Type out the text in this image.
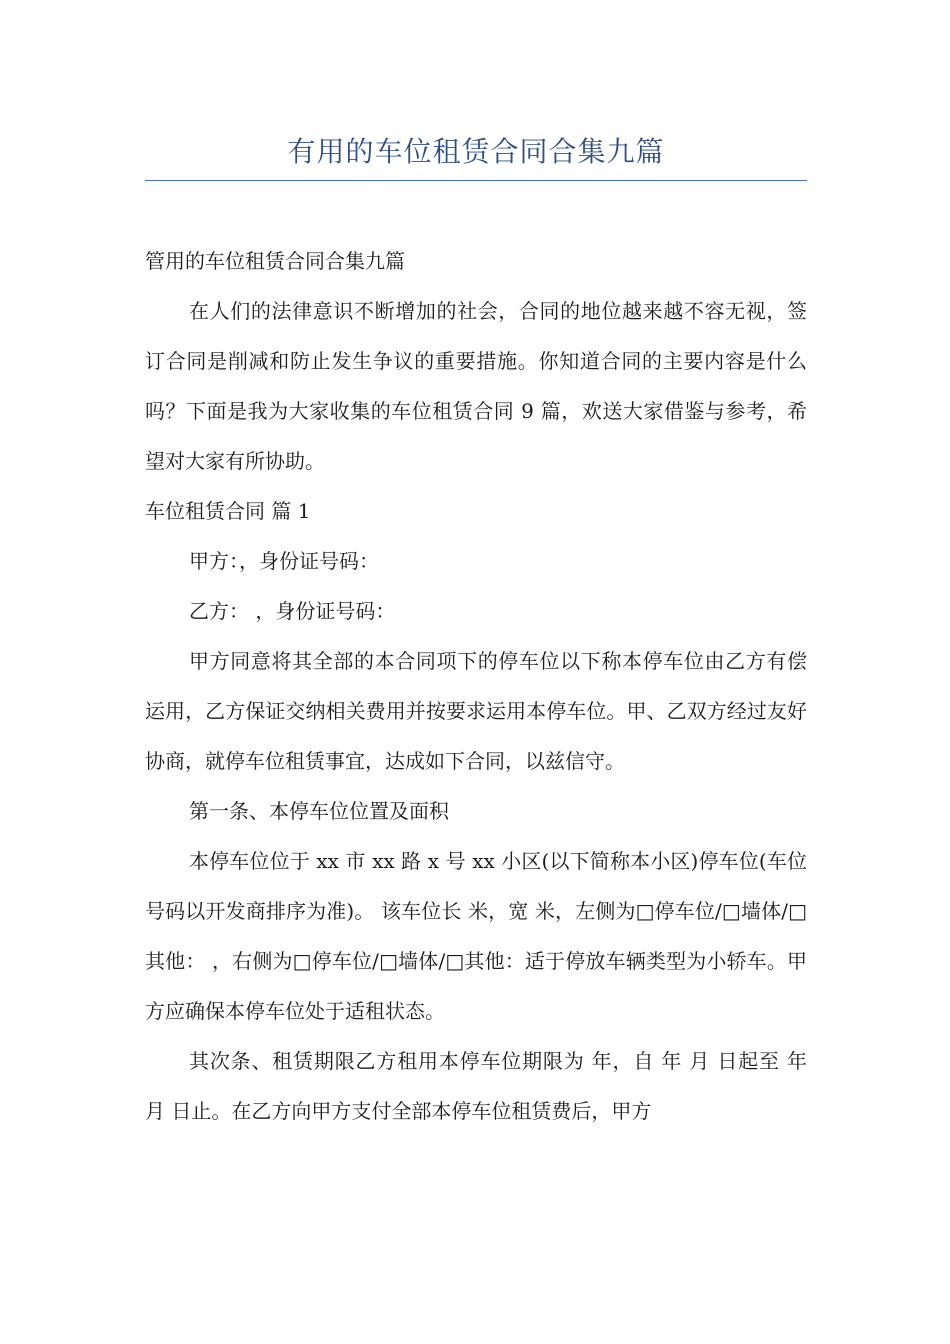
有用的车位租赁合同合集九篇

管用的车位租赁合同合集九篇

在人们的法律意识不断增加的社会，合同的地位越来越不容无视，签订合同是削减和防止发生争议的重要措施。你知道合同的主要内容是什么吗？下面是我为大家收集的车位租赁合同 9 篇，欢送大家借鉴与参考，希望对大家有所协助。

车位租赁合同 篇 1

甲方：，身份证号码：

乙方： ，身份证号码：

甲方同意将其全部的本合同项下的停车位以下称本停车位由乙方有偿运用，乙方保证交纳相关费用并按要求运用本停车位。甲、乙双方经过友好协商，就停车位租赁事宜，达成如下合同，以兹信守。

第一条、本停车位位置及面积

本停车位位于 xx 市 xx 路 x 号 xx 小区(以下简称本小区)停车位(车位号码以开发商排序为准)。 该车位长 米，宽 米，左侧为□停车位/□墙体/□其他： ，右侧为□停车位/□墙体/□其他：适于停放车辆类型为小轿车。甲方应确保本停车位处于适租状态。

其次条、租赁期限乙方租用本停车位期限为 年，自 年 月 日起至 年 月 日止。在乙方向甲方支付全部本停车位租赁费后，甲方
